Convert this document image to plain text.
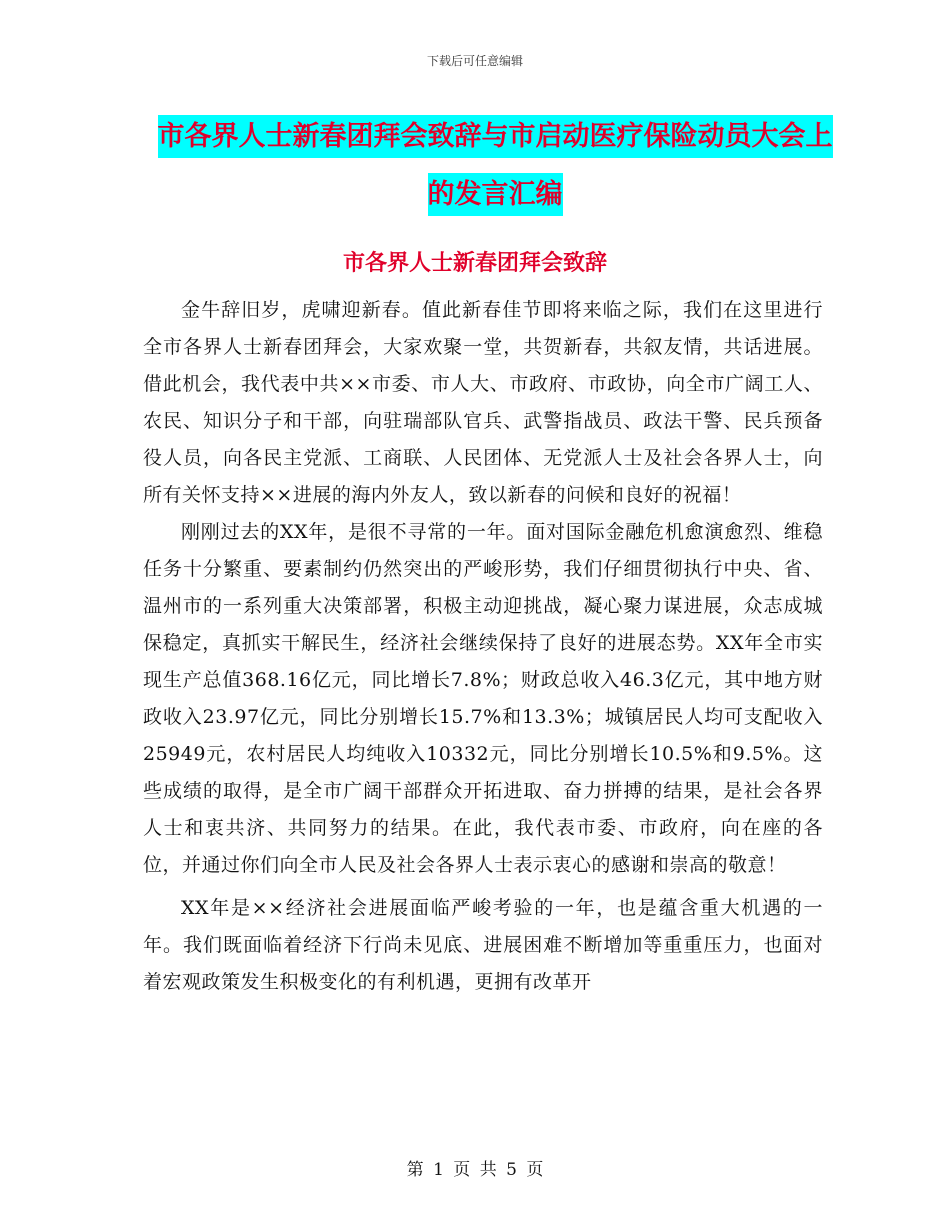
下载后可任意编辑
市各界人士新春团拜会致辞与市启动医疗保险动员大会上的发言汇编
市各界人士新春团拜会致辞

金牛辞旧岁，虎啸迎新春。值此新春佳节即将来临之际，我们在这里进行全市各界人士新春团拜会，大家欢聚一堂，共贺新春，共叙友情，共话进展。借此机会，我代表中共××市委、市人大、市政府、市政协，向全市广阔工人、农民、知识分子和干部，向驻瑞部队官兵、武警指战员、政法干警、民兵预备役人员，向各民主党派、工商联、人民团体、无党派人士及社会各界人士，向所有关怀支持××进展的海内外友人，致以新春的问候和良好的祝福！

刚刚过去的XX年，是很不寻常的一年。面对国际金融危机愈演愈烈、维稳任务十分繁重、要素制约仍然突出的严峻形势，我们仔细贯彻执行中央、省、温州市的一系列重大决策部署，积极主动迎挑战，凝心聚力谋进展，众志成城保稳定，真抓实干解民生，经济社会继续保持了良好的进展态势。XX年全市实现生产总值368.16亿元，同比增长7.8%；财政总收入46.3亿元，其中地方财政收入23.97亿元，同比分别增长15.7%和13.3%；城镇居民人均可支配收入25949元，农村居民人均纯收入10332元，同比分别增长10.5%和9.5%。这些成绩的取得，是全市广阔干部群众开拓进取、奋力拼搏的结果，是社会各界人士和衷共济、共同努力的结果。在此，我代表市委、市政府，向在座的各位，并通过你们向全市人民及社会各界人士表示衷心的感谢和崇高的敬意！

XX年是××经济社会进展面临严峻考验的一年，也是蕴含重大机遇的一年。我们既面临着经济下行尚未见底、进展困难不断增加等重重压力，也面对着宏观政策发生积极变化的有利机遇，更拥有改革开

第 1 页 共 5 页
